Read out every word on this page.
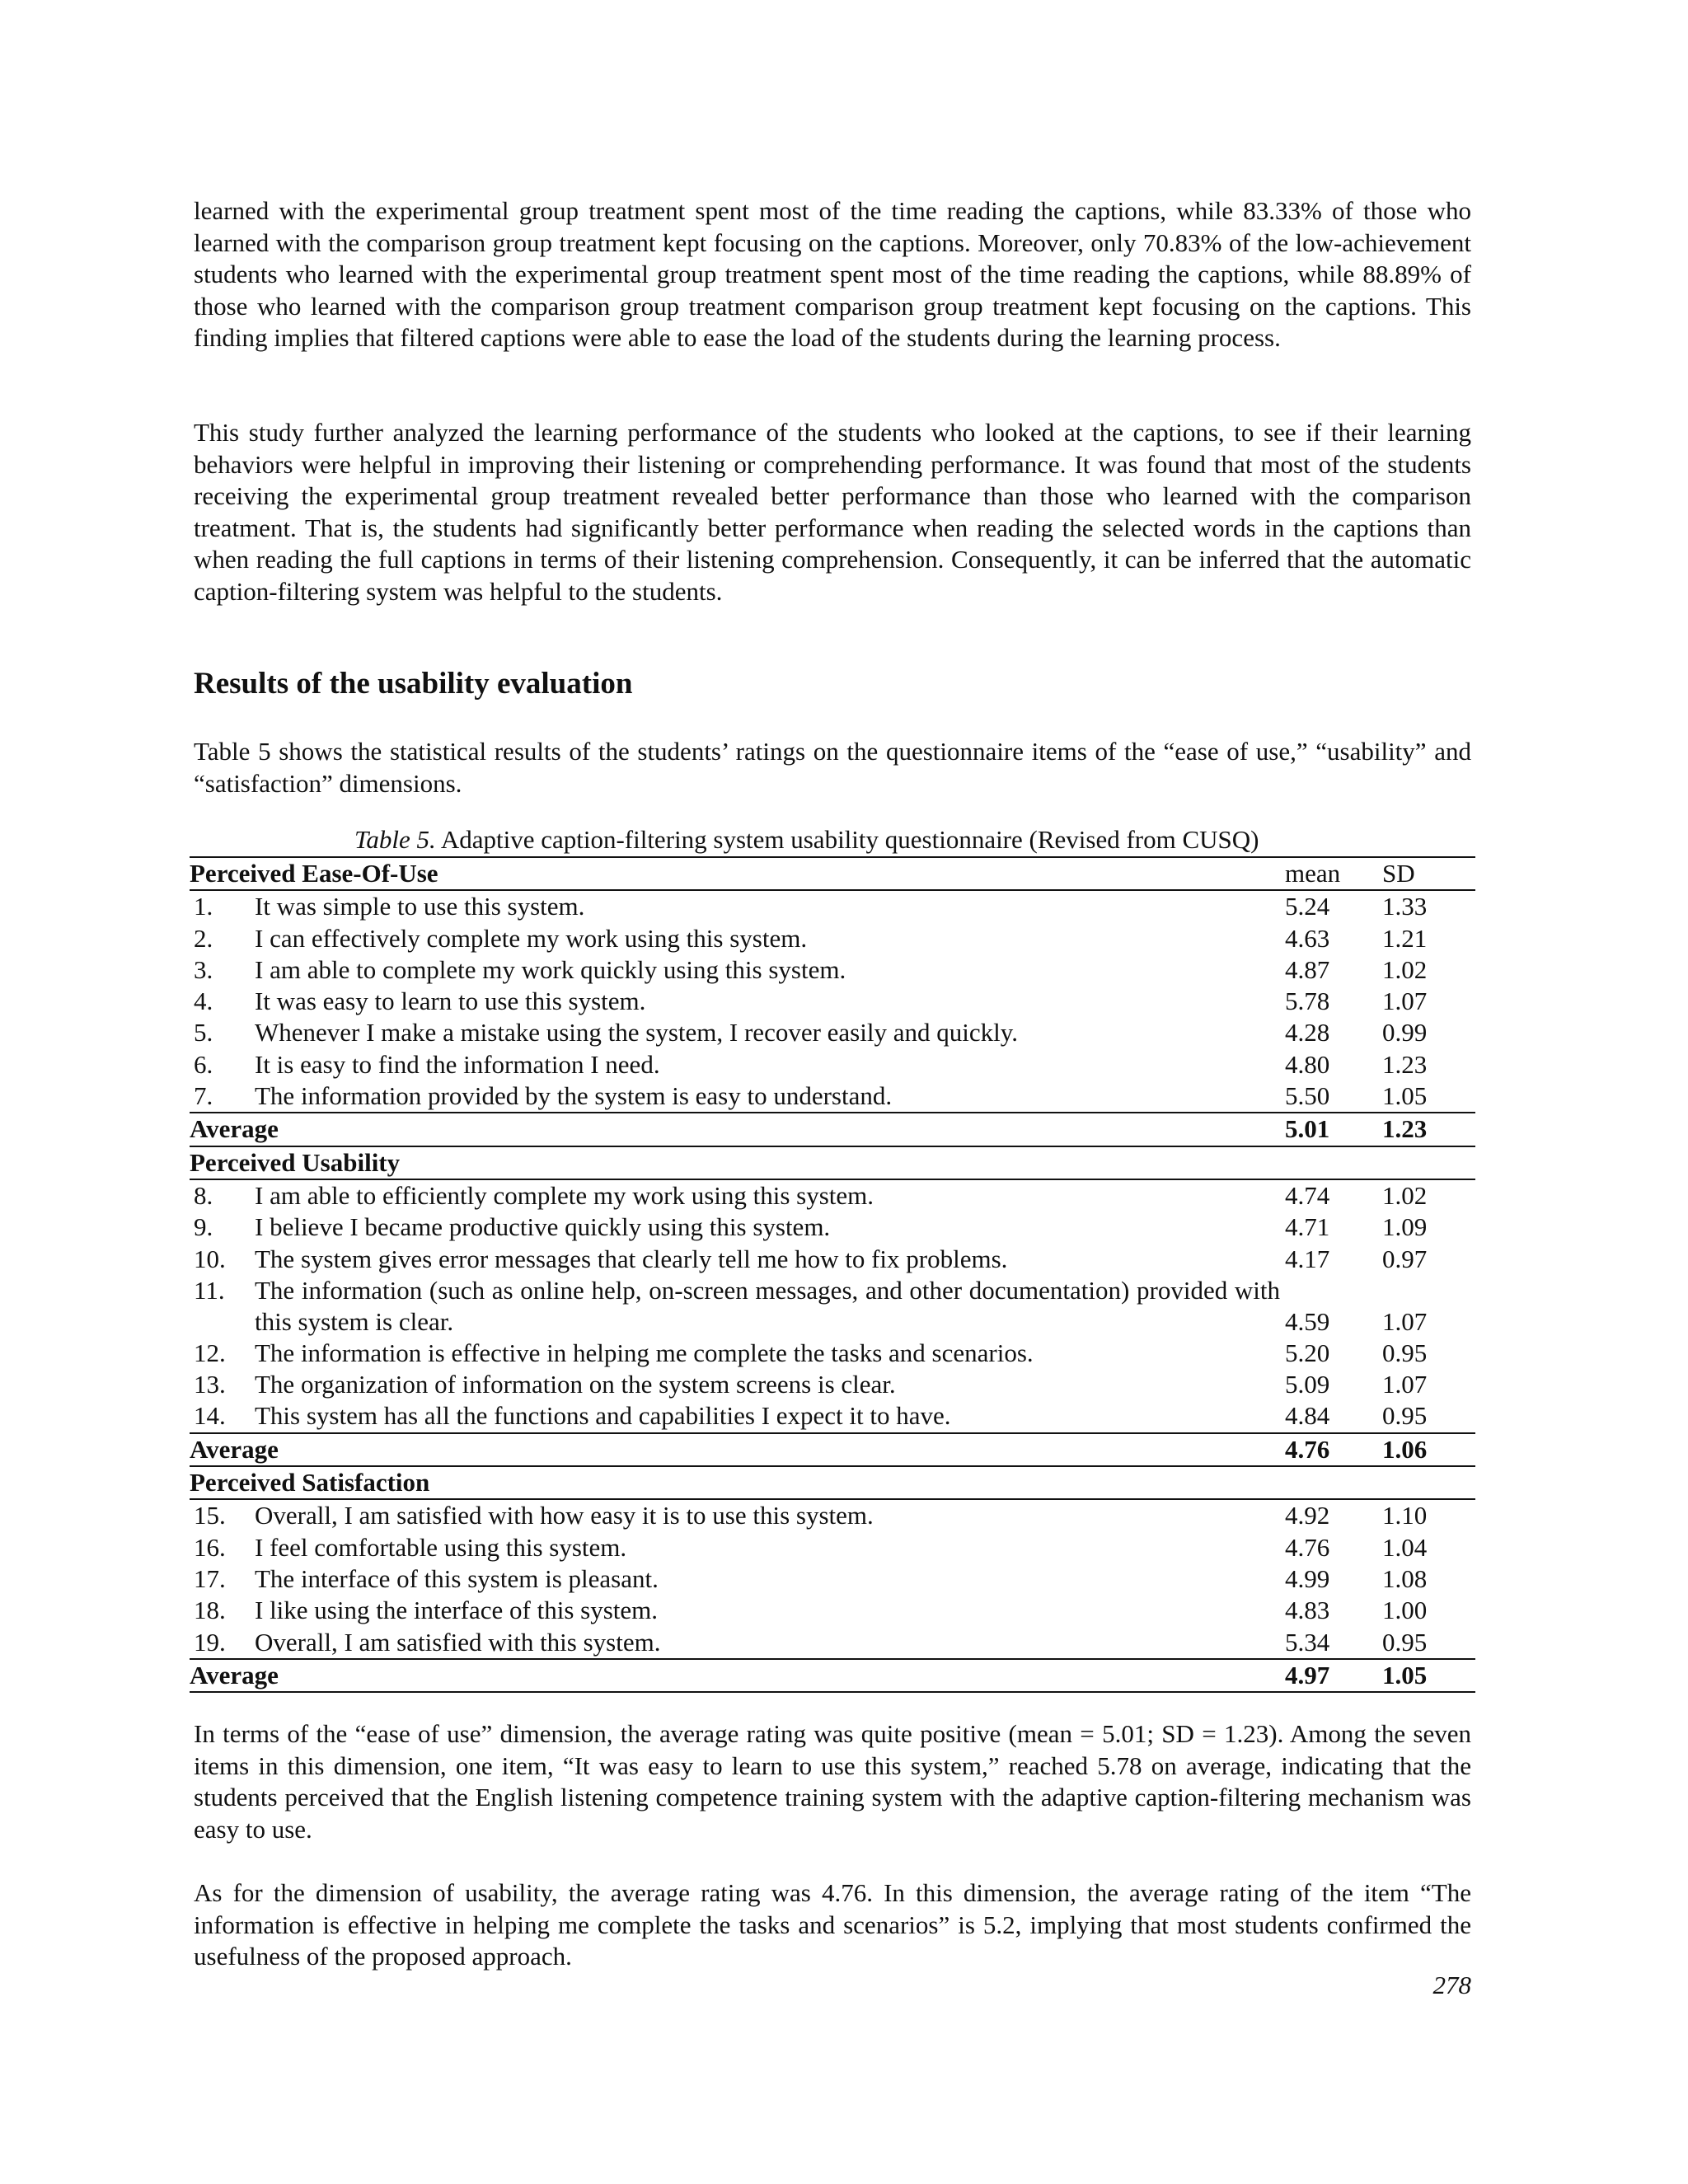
learned with the experimental group treatment spent most of the time reading the captions, while 83.33% of those who learned with the comparison group treatment kept focusing on the captions. Moreover, only 70.83% of the low-achievement students who learned with the experimental group treatment spent most of the time reading the captions, while 88.89% of those who learned with the comparison group treatment comparison group treatment kept focusing on the captions. This finding implies that filtered captions were able to ease the load of the students during the learning process.

This study further analyzed the learning performance of the students who looked at the captions, to see if their learning behaviors were helpful in improving their listening or comprehending performance. It was found that most of the students receiving the experimental group treatment revealed better performance than those who learned with the comparison treatment. That is, the students had significantly better performance when reading the selected words in the captions than when reading the full captions in terms of their listening comprehension. Consequently, it can be inferred that the automatic caption-filtering system was helpful to the students.

Results of the usability evaluation

Table 5 shows the statistical results of the students’ ratings on the questionnaire items of the “ease of use,” “usability” and “satisfaction” dimensions.

Table 5. Adaptive caption-filtering system usability questionnaire (Revised from CUSQ)

Perceived Ease-Of-Use		mean	SD
1.	It was simple to use this system.	5.24	1.33
2.	I can effectively complete my work using this system.	4.63	1.21
3.	I am able to complete my work quickly using this system.	4.87	1.02
4.	It was easy to learn to use this system.	5.78	1.07
5.	Whenever I make a mistake using the system, I recover easily and quickly.	4.28	0.99
6.	It is easy to find the information I need.	4.80	1.23
7.	The information provided by the system is easy to understand.	5.50	1.05
Average		5.01	1.23
Perceived Usability			
8.	I am able to efficiently complete my work using this system.	4.74	1.02
9.	I believe I became productive quickly using this system.	4.71	1.09
10.	The system gives error messages that clearly tell me how to fix problems.	4.17	0.97
11.	The information (such as online help, on-screen messages, and other documentation) provided with this system is clear.	4.59	1.07
12.	The information is effective in helping me complete the tasks and scenarios.	5.20	0.95
13.	The organization of information on the system screens is clear.	5.09	1.07
14.	This system has all the functions and capabilities I expect it to have.	4.84	0.95
Average		4.76	1.06
Perceived Satisfaction			
15.	Overall, I am satisfied with how easy it is to use this system.	4.92	1.10
16.	I feel comfortable using this system.	4.76	1.04
17.	The interface of this system is pleasant.	4.99	1.08
18.	I like using the interface of this system.	4.83	1.00
19.	Overall, I am satisfied with this system.	5.34	0.95
Average		4.97	1.05

In terms of the “ease of use” dimension, the average rating was quite positive (mean = 5.01; SD = 1.23). Among the seven items in this dimension, one item, “It was easy to learn to use this system,” reached 5.78 on average, indicating that the students perceived that the English listening competence training system with the adaptive caption-filtering mechanism was easy to use.

As for the dimension of usability, the average rating was 4.76. In this dimension, the average rating of the item “The information is effective in helping me complete the tasks and scenarios” is 5.2, implying that most students confirmed the usefulness of the proposed approach.

278
